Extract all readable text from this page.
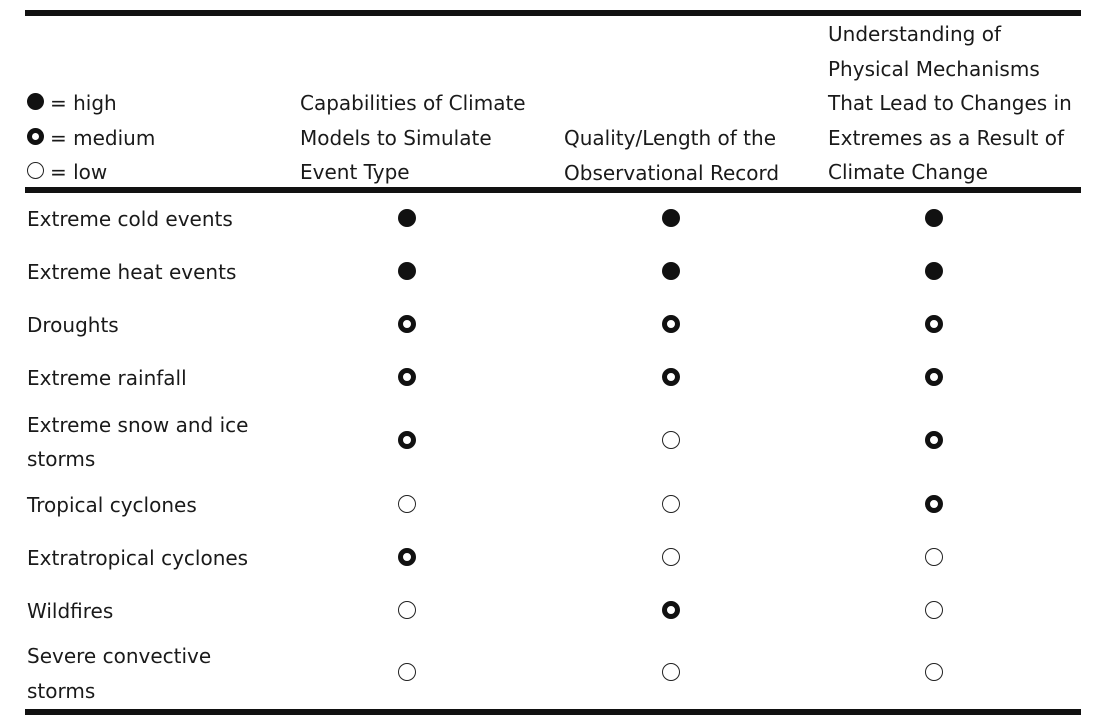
= high
= medium
= low
Capabilities of Climate
Models to Simulate
Event Type
Quality/Length of the
Observational Record
Understanding of
Physical Mechanisms
That Lead to Changes in
Extremes as a Result of
Climate Change
Extreme cold events
Extreme heat events
Droughts
Extreme rainfall
Extreme snow and ice
storms
Tropical cyclones
Extratropical cyclones
Wildfires
Severe convective
storms
